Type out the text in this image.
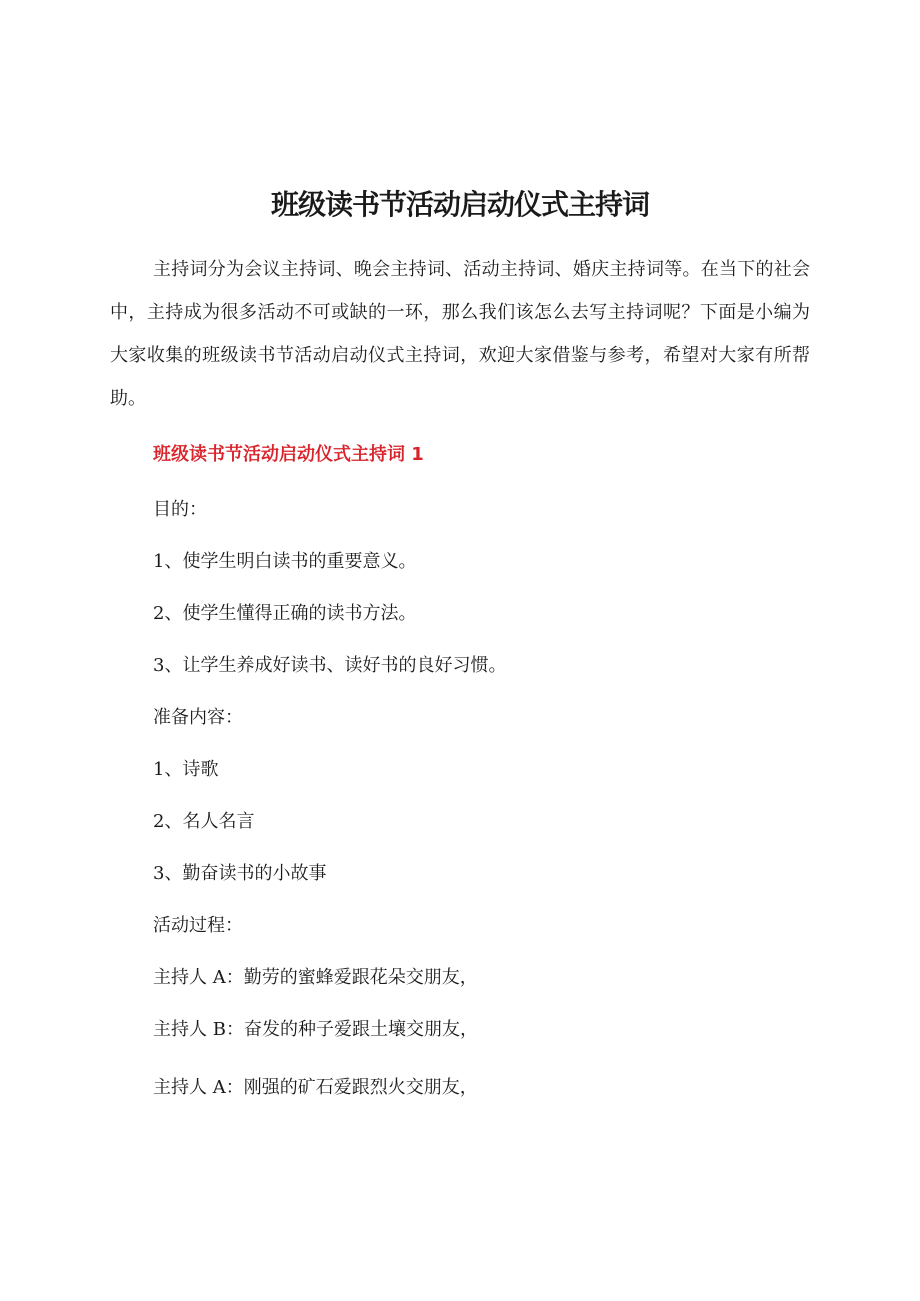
班级读书节活动启动仪式主持词

主持词分为会议主持词、晚会主持词、活动主持词、婚庆主持词等。在当下的社会中，主持成为很多活动不可或缺的一环，那么我们该怎么去写主持词呢？下面是小编为大家收集的班级读书节活动启动仪式主持词，欢迎大家借鉴与参考，希望对大家有所帮助。

班级读书节活动启动仪式主持词 1
目的：
1、使学生明白读书的重要意义。
2、使学生懂得正确的读书方法。
3、让学生养成好读书、读好书的良好习惯。
准备内容：
1、诗歌
2、名人名言
3、勤奋读书的小故事
活动过程：
主持人 A：勤劳的蜜蜂爱跟花朵交朋友，
主持人 B：奋发的种子爱跟土壤交朋友，
主持人 A：刚强的矿石爱跟烈火交朋友，
